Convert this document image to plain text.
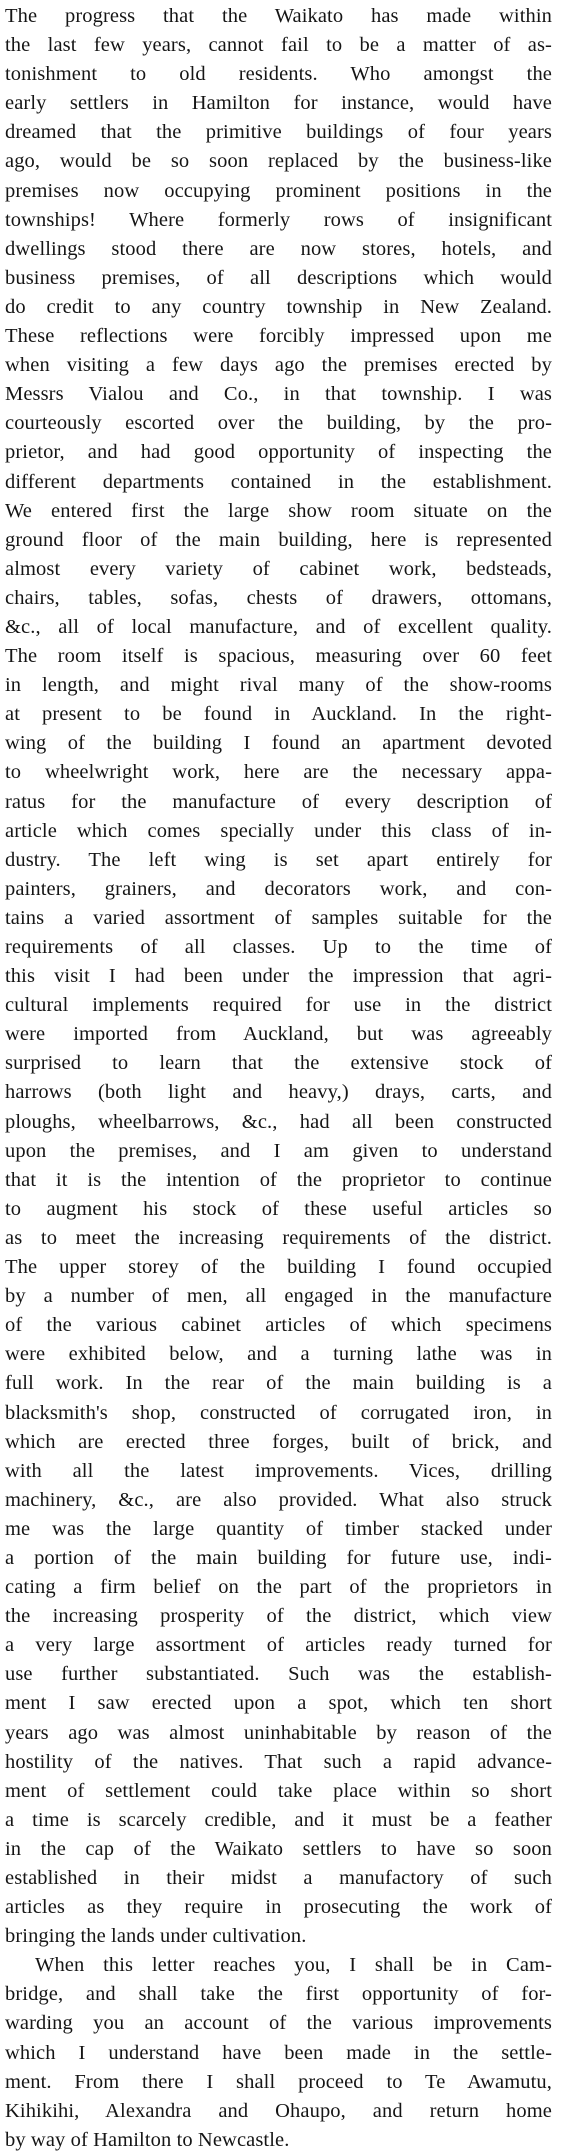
The progress that the Waikato has made within
the last few years, cannot fail to be a matter of as-
tonishment to old residents. Who amongst the
early settlers in Hamilton for instance, would have
dreamed that the primitive buildings of four years
ago, would be so soon replaced by the business-like
premises now occupying prominent positions in the
townships! Where formerly rows of insignificant
dwellings stood there are now stores, hotels, and
business premises, of all descriptions which would
do credit to any country township in New Zealand.
These reflections were forcibly impressed upon me
when visiting a few days ago the premises erected by
Messrs Vialou and Co., in that township. I was
courteously escorted over the building, by the pro-
prietor, and had good opportunity of inspecting the
different departments contained in the establishment.
We entered first the large show room situate on the
ground floor of the main building, here is represented
almost every variety of cabinet work, bedsteads,
chairs, tables, sofas, chests of drawers, ottomans,
&c., all of local manufacture, and of excellent quality.
The room itself is spacious, measuring over 60 feet
in length, and might rival many of the show-rooms
at present to be found in Auckland. In the right-
wing of the building I found an apartment devoted
to wheelwright work, here are the necessary appa-
ratus for the manufacture of every description of
article which comes specially under this class of in-
dustry. The left wing is set apart entirely for
painters, grainers, and decorators work, and con-
tains a varied assortment of samples suitable for the
requirements of all classes. Up to the time of
this visit I had been under the impression that agri-
cultural implements required for use in the district
were imported from Auckland, but was agreeably
surprised to learn that the extensive stock of
harrows (both light and heavy,) drays, carts, and
ploughs, wheelbarrows, &c., had all been constructed
upon the premises, and I am given to understand
that it is the intention of the proprietor to continue
to augment his stock of these useful articles so
as to meet the increasing requirements of the district.
The upper storey of the building I found occupied
by a number of men, all engaged in the manufacture
of the various cabinet articles of which specimens
were exhibited below, and a turning lathe was in
full work. In the rear of the main building is a
blacksmith's shop, constructed of corrugated iron, in
which are erected three forges, built of brick, and
with all the latest improvements. Vices, drilling
machinery, &c., are also provided. What also struck
me was the large quantity of timber stacked under
a portion of the main building for future use, indi-
cating a firm belief on the part of the proprietors in
the increasing prosperity of the district, which view
a very large assortment of articles ready turned for
use further substantiated. Such was the establish-
ment I saw erected upon a spot, which ten short
years ago was almost uninhabitable by reason of the
hostility of the natives. That such a rapid advance-
ment of settlement could take place within so short
a time is scarcely credible, and it must be a feather
in the cap of the Waikato settlers to have so soon
established in their midst a manufactory of such
articles as they require in prosecuting the work of
bringing the lands under cultivation.
When this letter reaches you, I shall be in Cam-
bridge, and shall take the first opportunity of for-
warding you an account of the various improvements
which I understand have been made in the settle-
ment. From there I shall proceed to Te Awamutu,
Kihikihi, Alexandra and Ohaupo, and return home
by way of Hamilton to Newcastle.
